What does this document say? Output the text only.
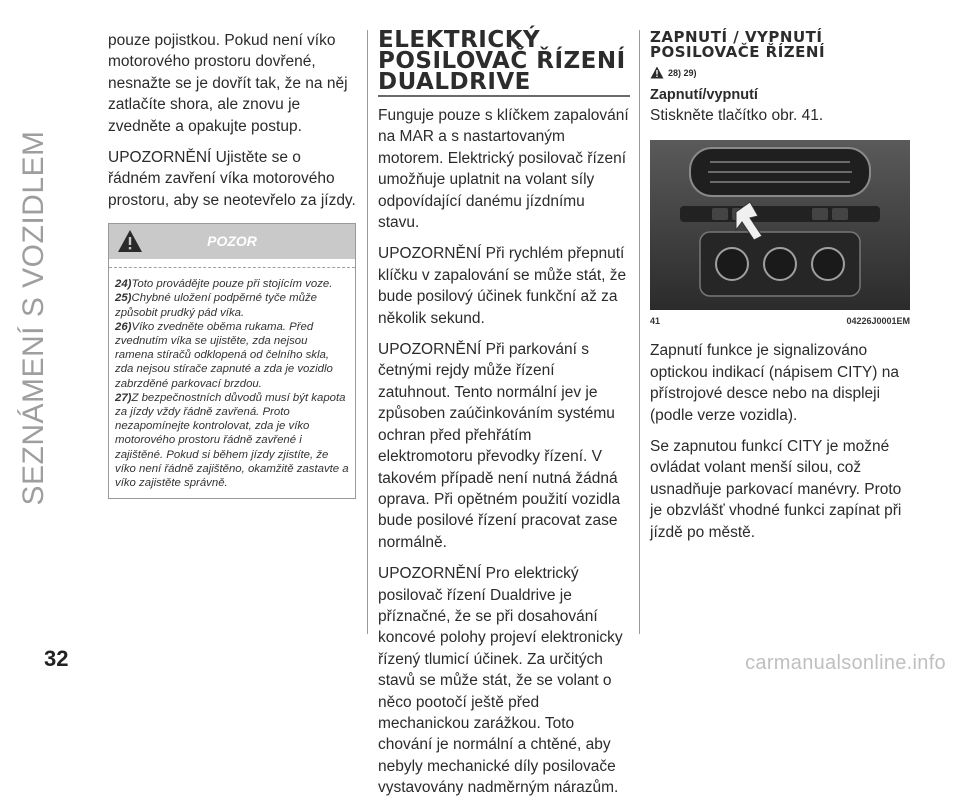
SEZNÁMENÍ S VOZIDLEM

pouze pojistkou. Pokud není víko motorového prostoru dovřené, nesnažte se je dovřít tak, že na něj zatlačíte shora, ale znovu je zvedněte a opakujte postup.

UPOZORNĚNÍ Ujistěte se o řádném zavření víka motorového prostoru, aby se neotevřelo za jízdy.

POZOR

24)Toto provádějte pouze při stojícím voze.

25)Chybné uložení podpěrné tyče může způsobit prudký pád víka.

26)Víko zvedněte oběma rukama. Před zvednutím víka se ujistěte, zda nejsou ramena stíračů odklopená od čelního skla, zda nejsou stírače zapnuté a zda je vozidlo zabrzděné parkovací brzdou.

27)Z bezpečnostních důvodů musí být kapota za jízdy vždy řádně zavřená. Proto nezapomínejte kontrolovat, zda je víko motorového prostoru řádně zavřené i zajištěné. Pokud si během jízdy zjistíte, že víko není řádně zajištěno, okamžitě zastavte a víko zajistěte správně.

ELEKTRICKÝ
POSILOVAČ ŘÍZENÍ
DUALDRIVE

Funguje pouze s klíčkem zapalování na MAR a s nastartovaným motorem. Elektrický posilovač řízení umožňuje uplatnit na volant síly odpovídající danému jízdnímu stavu.

UPOZORNĚNÍ Při rychlém přepnutí klíčku v zapalování se může stát, že bude posilový účinek funkční až za několik sekund.

UPOZORNĚNÍ Při parkování s četnými rejdy může řízení zatuhnout. Tento normální jev je způsoben zaúčinkováním systému ochran před přehřátím elektromotoru převodky řízení. V takovém případě není nutná žádná oprava. Při opětném použití vozidla bude posilové řízení pracovat zase normálně.

UPOZORNĚNÍ Pro elektrický posilovač řízení Dualdrive je příznačné, že se při dosahování koncové polohy projeví elektronicky řízený tlumicí účinek. Za určitých stavů se může stát, že se volant o něco pootočí ještě před mechanickou zarážkou. Toto chování je normální a chtěné, aby nebyly mechanické díly posilovače vystavovány nadměrným nárazům.

ZAPNUTÍ / VYPNUTÍ
POSILOVAČE ŘÍZENÍ

28) 29)

Zapnutí/vypnutí

Stiskněte tlačítko obr. 41.

41	04226J0001EM

Zapnutí funkce je signalizováno optickou indikací (nápisem CITY) na přístrojové desce nebo na displeji (podle verze vozidla).

Se zapnutou funkcí CITY je možné ovládat volant menší silou, což usnadňuje parkovací manévry. Proto je obzvlášť vhodné funkci zapínat při jízdě po městě.

32	carmanualsonline.info
